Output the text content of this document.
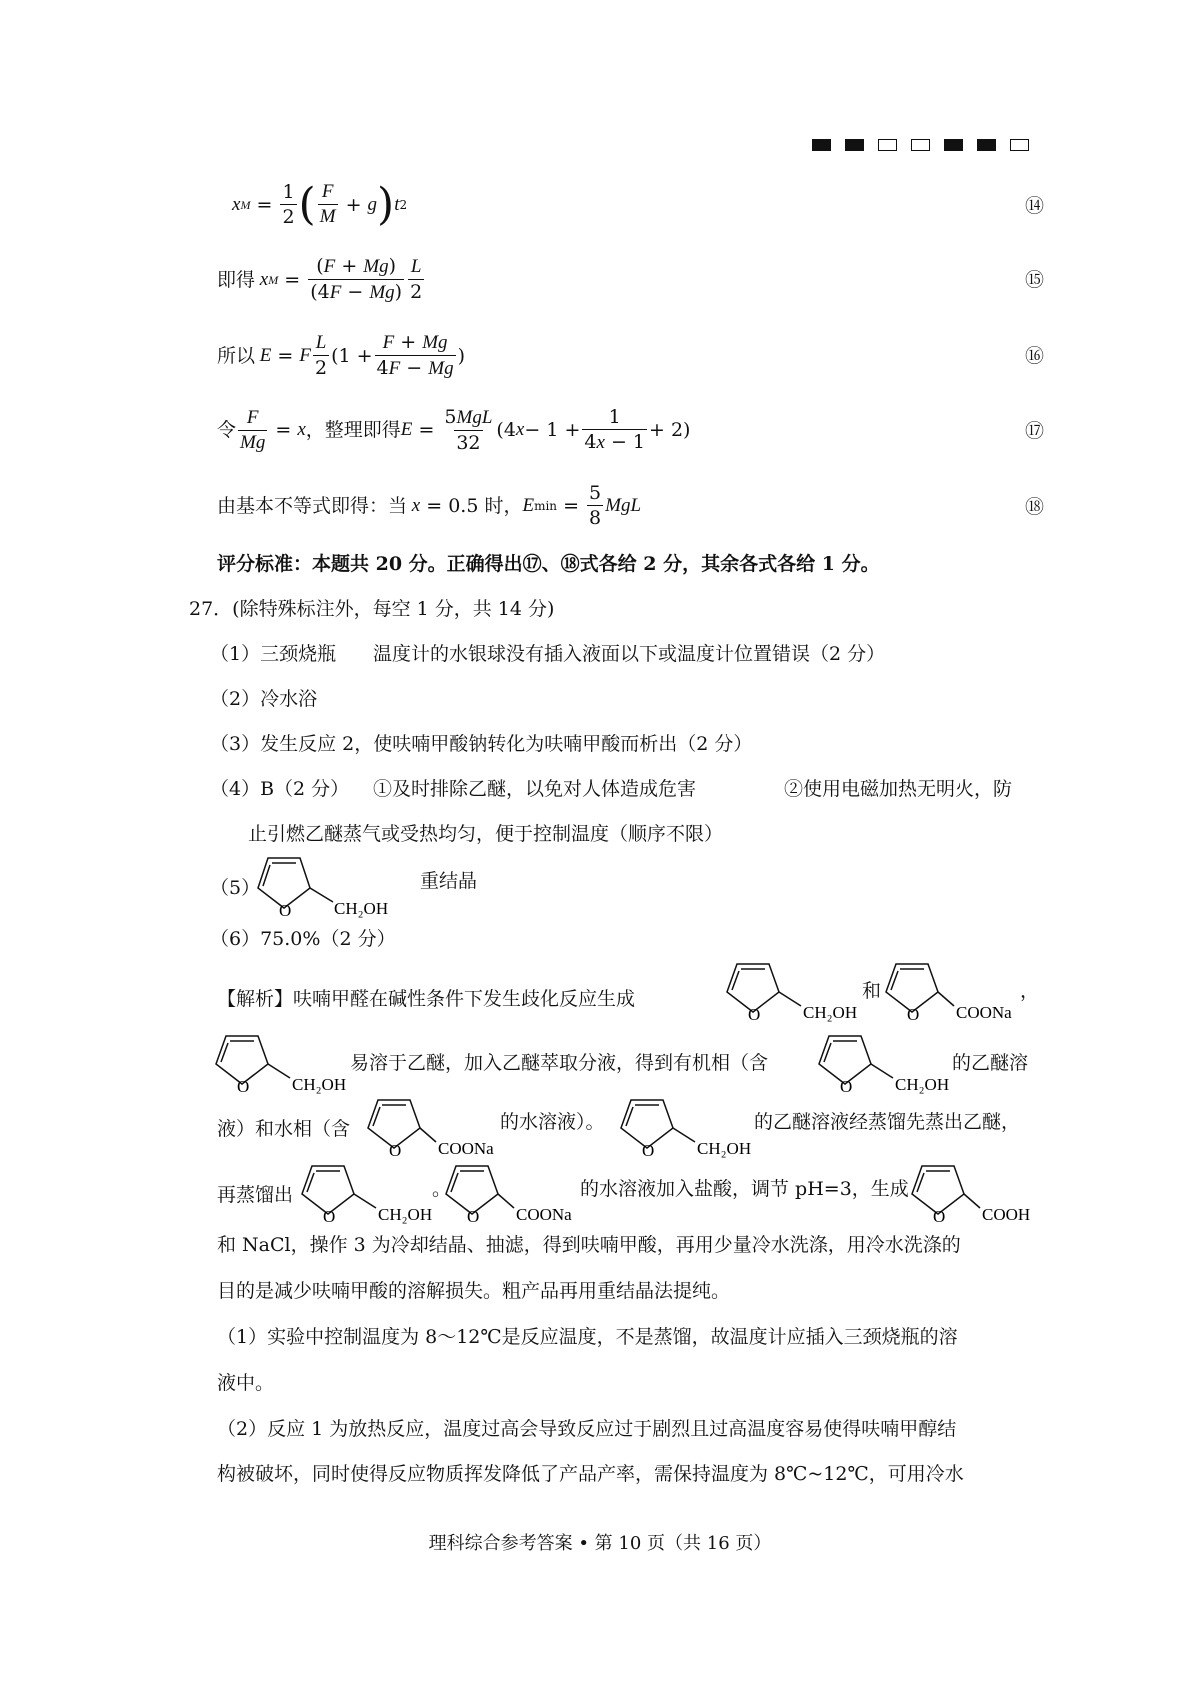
x $M = \frac{1}{2}$ ( $\frac{F}{M} + g$ ) t 2	⑭
即得 x $M = \frac{(F + Mg)}{(4F - Mg)} \frac{L}{2}$	⑮
所以 E = F $\frac{L}{2} (1 + \frac{F + Mg}{4F - Mg}$ )	⑯
令 $\frac{F}{Mg} = x$ ，整理即得 $E = \frac{\text{5MgL}}{32} (4$ $x - 1 + \frac{1}{4x - 1} + 2$)	⑰
由基本不等式即得：当 x = 0.5 时， E $\min = \frac{5}{8}$ MgL	⑱
评分标准：本题共 20 分。正确得出⑰、⑱式各给 2 分，其余各式各给 1 分。
27．(除特殊标注外，每空 1 分，共 14 分)
（1）三颈烧瓶 温度计的水银球没有插入液面以下或温度计位置错误（2 分）
（2）冷水浴
（3）发生反应 2，使呋喃甲酸钠转化为呋喃甲酸而析出（2 分）
（4）B（2 分） ①及时排除乙醚，以免对人体造成危害	②使用电磁加热无明火，防
止引燃乙醚蒸气或受热均匀，便于控制温度（顺序不限）
（5）
O	CH₂OH
重结晶
（6）75.0%（2 分）
【解析】呋喃甲醛在碱性条件下发生歧化反应生成
O	CH₂OH
和
O COONa
，
O	CH₂OH
易溶于乙醚，加入乙醚萃取分液，得到有机相（含
O	CH₂OH
的乙醚溶
液）和水相（含
O COONa
的水溶液）。
O	CH₂OH
的乙醚溶液经蒸馏先蒸出乙醚，
再蒸馏出
O	CH₂OH
。
O COONa
的水溶液加入盐酸，调节 pH=3，生成
O COOH
和 NaCl，操作 3 为冷却结晶、抽滤，得到呋喃甲酸，再用少量冷水洗涤，用冷水洗涤的
目的是减少呋喃甲酸的溶解损失。粗产品再用重结晶法提纯。
（1）实验中控制温度为 8～12℃是反应温度，不是蒸馏，故温度计应插入三颈烧瓶的溶
液中。
（2）反应 1 为放热反应，温度过高会导致反应过于剧烈且过高温度容易使得呋喃甲醇结
构被破坏，同时使得反应物质挥发降低了产品产率，需保持温度为 8℃~12℃，可用冷水
理科综合参考答案 • 第 10 页（共 16 页）
